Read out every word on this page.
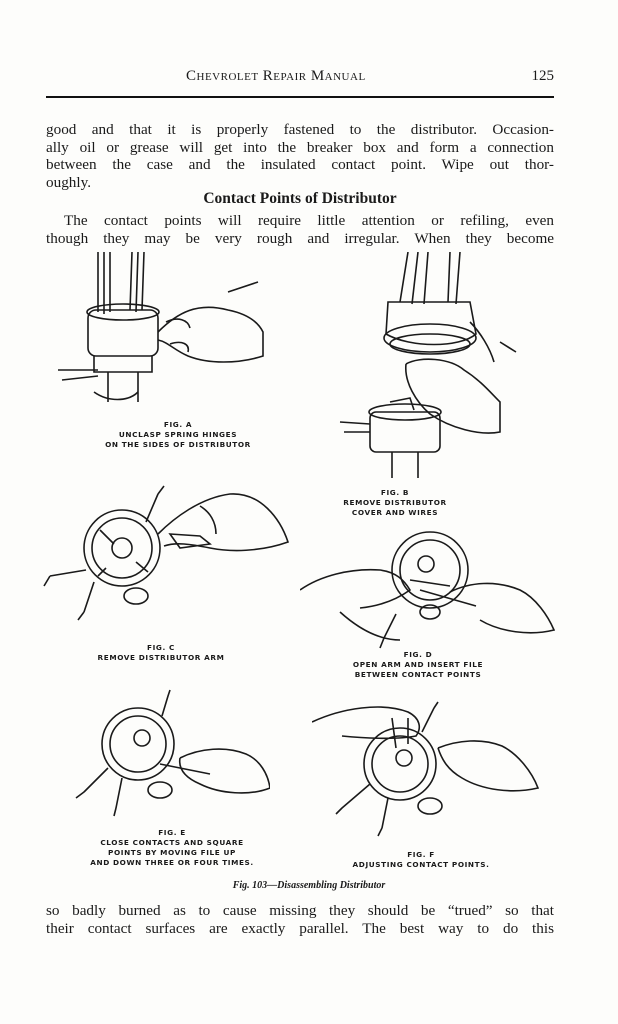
Chevrolet Repair Manual	125
good and that it is properly fastened to the distributor. Occasion-
ally oil or grease will get into the breaker box and form a connection
between the case and the insulated contact point. Wipe out thor-
oughly.
Contact Points of Distributor
The contact points will require little attention or refiling, even
though they may be very rough and irregular. When they become
FIG. A
UNCLASP SPRING HINGES
ON THE SIDES OF DISTRIBUTOR
FIG. B
REMOVE DISTRIBUTOR
COVER AND WIRES
FIG. C
REMOVE DISTRIBUTOR ARM	FIG. D
OPEN ARM AND INSERT FILE
BETWEEN CONTACT POINTS
FIG. E
CLOSE CONTACTS AND SQUARE
POINTS BY MOVING FILE UP
AND DOWN THREE OR FOUR TIMES.
FIG. F
ADJUSTING CONTACT POINTS.
Fig. 103—Disassembling Distributor
so badly burned as to cause missing they should be “trued” so that
their contact surfaces are exactly parallel. The best way to do this
